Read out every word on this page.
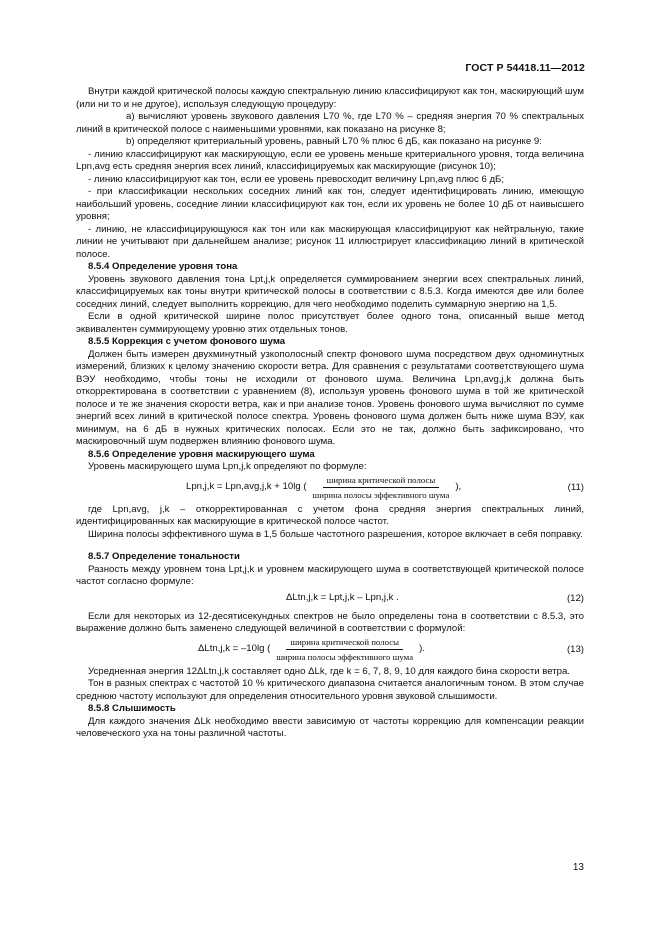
ГОСТ Р 54418.11—2012

Внутри каждой критической полосы каждую спектральную линию классифицируют как тон, маскирующий шум (или ни то и не другое), используя следующую процедуру:

а) вычисляют уровень звукового давления L70 %, где L70 % – средняя энергия 70 % спектральных линий в критической полосе с наименьшими уровнями, как показано на рисунке 8;

b) определяют критериальный уровень, равный L70 % плюс 6 дБ, как показано на рисунке 9:

- линию классифицируют как маскирующую, если ее уровень меньше критериального уровня, тогда величина Lpn,avg есть средняя энергия всех линий, классифицируемых как маскирующие (рисунок 10);

- линию классифицируют как тон, если ее уровень превосходит величину Lpn,avg плюс 6 дБ;

- при классификации нескольких соседних линий как тон, следует идентифицировать линию, имеющую наибольший уровень, соседние линии классифицируют как тон, если их уровень не более 10 дБ от наивысшего уровня;

- линию, не классифицирующуюся как тон или как маскирующая классифицируют как нейтральную, такие линии не учитывают при дальнейшем анализе; рисунок 11 иллюстрирует классификацию линий в критической полосе.

8.5.4 Определение уровня тона

Уровень звукового давления тона Lpt,j,k определяется суммированием энергии всех спектральных линий, классифицируемых как тоны внутри критической полосы в соответствии с 8.5.3. Когда имеются две или более соседних линий, следует выполнить коррекцию, для чего необходимо поделить суммарную энергию на 1,5.

Если в одной критической ширине полос присутствует более одного тона, описанный выше метод эквивалентен суммирующему уровню этих отдельных тонов.

8.5.5 Коррекция с учетом фонового шума

Должен быть измерен двухминутный узкополосный спектр фонового шума посредством двух одноминутных измерений, близких к целому значению скорости ветра. Для сравнения с результатами соответствующего шума ВЭУ необходимо, чтобы тоны не исходили от фонового шума. Величина Lpn,avg,j,k должна быть откорректирована в соответствии с уравнением (8), используя уровень фонового шума в той же критической полосе и те же значения скорости ветра, как и при анализе тонов. Уровень фонового шума вычисляют по сумме энергий всех линий в критической полосе спектра. Уровень фонового шума должен быть ниже шума ВЭУ, как минимум, на 6 дБ в нужных критических полосах. Если это не так, должно быть зафиксировано, что маскировочный шум подвержен влиянию фонового шума.

8.5.6 Определение уровня маскирующего шума

Уровень маскирующего шума Lpn,j,k определяют по формуле:

Lpn,j,k = Lpn,avg,j,k + 10lg ( $\frac{\text{ширина критической полосы}}{\text{ширина полосы эффективного шума}}$ ),	(11)

где Lpn,avg, j,k – откорректированная с учетом фона средняя энергия спектральных линий, идентифицированных как маскирующие в критической полосе частот.

Ширина полосы эффективного шума в 1,5 больше частотного разрешения, которое включает в себя поправку.

8.5.7 Определение тональности

Разность между уровнем тона Lpt,j,k и уровнем маскирующего шума в соответствующей критической полосе частот согласно формуле:

ΔLtn,j,k = Lpt,j,k – Lpn,j,k .	(12)

Если для некоторых из 12-десятисекундных спектров не было определены тона в соответствии с 8.5.3, это выражение должно быть заменено следующей величиной в соответствии с формулой:

ΔLtn,j,k = –10lg ( $\frac{\text{ширина критической полосы}}{\text{ширина полосы эффективного шума}}$ ).	(13)

Усредненная энергия 12ΔLtn,j,k составляет одно ΔLk, где k = 6, 7, 8, 9, 10 для каждого бина скорости ветра.

Тон в разных спектрах с частотой 10 % критического диапазона считается аналогичным тоном. В этом случае среднюю частоту используют для определения относительного уровня звуковой слышимости.

8.5.8 Слышимость

Для каждого значения ΔLk необходимо ввести зависимую от частоты коррекцию для компенсации реакции человеческого уха на тоны различной частоты.

13
